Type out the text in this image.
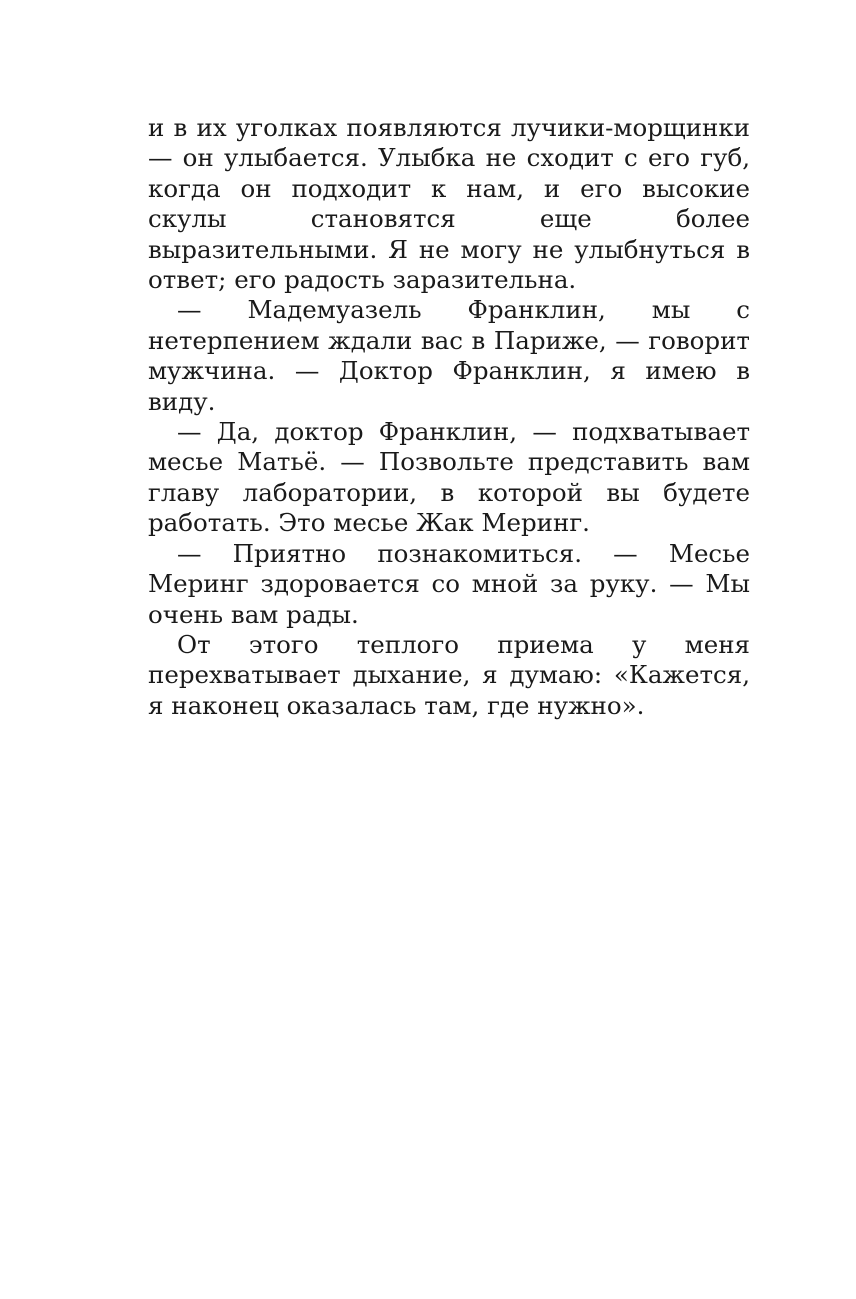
и в их уголках появляются лучики-морщинки — он улыбается. Улыбка не сходит с его губ, когда он подходит к нам, и его высокие скулы становятся еще более выразительными. Я не могу не улыбнуться в ответ; его радость заразительна.

— Мадемуазель Франклин, мы с нетерпением ждали вас в Париже, — говорит мужчина. — Доктор Франклин, я имею в виду.

— Да, доктор Франклин, — подхватывает месье Матьё. — Позвольте представить вам главу лаборатории, в которой вы будете работать. Это месье Жак Меринг.

— Приятно познакомиться. — Месье Меринг здоровается со мной за руку. — Мы очень вам рады.

От этого теплого приема у меня перехватывает дыхание, я думаю: «Кажется, я наконец оказалась там, где нужно».
